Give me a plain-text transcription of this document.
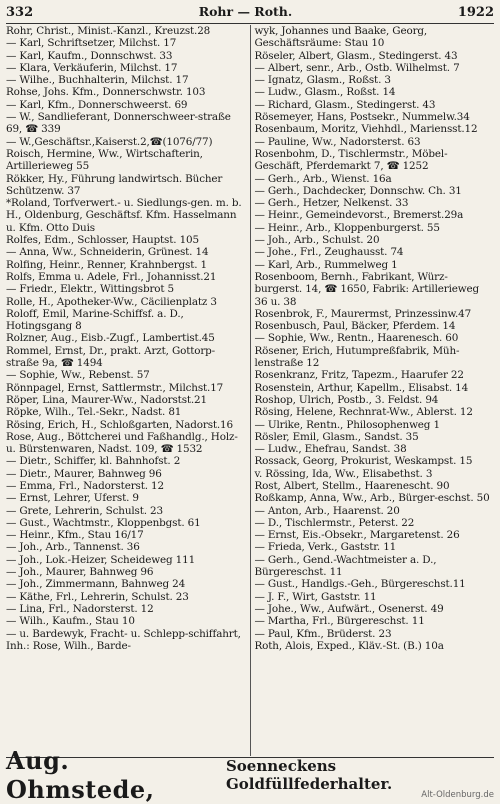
332	Rohr — Roth.	1922
Rohr, Christ., Minist.-Kanzl., Kreuzst.28
— Karl, Schriftsetzer, Milchst. 17
— Karl, Kaufm., Donnschwst. 33
— Klara, Verkäuferin, Milchst. 17
— Wilhe., Buchhalterin, Milchst. 17
Rohse, Johs. Kfm., Donnerschwstr. 103
— Karl, Kfm., Donnerschweerst. 69
— W., Sandlieferant, Donnerschweer-straße 69, ☎ 339
— W.,Geschäftsr.,Kaiserst.2,☎(1076/77)
Roisch, Hermine, Ww., Wirtschafterin, Artillerieweg 55
Rökker, Hy., Führung landwirtsch. Bücher Schützenw. 37
*Roland, Torfverwert.- u. Siedlungs-gen. m. b. H., Oldenburg, Geschäftsf. Kfm. Hasselmann u. Kfm. Otto Duis
Rolfes, Edm., Schlosser, Hauptst. 105
— Anna, Ww., Schneiderin, Grünest. 14
Rolfing, Heinr., Renner, Krahnbergst. 1
Rolfs, Emma u. Adele, Frl., Johannisst.21
— Friedr., Elektr., Wittingsbrot 5
Rolle, H., Apotheker-Ww., Cäcilienplatz 3
Roloff, Emil, Marine-Schiffsf. a. D., Hotingsgang 8
Rolzner, Aug., Eisb.-Zugf., Lambertist.45
Rommel, Ernst, Dr., prakt. Arzt, Gottorp-straße 9a, ☎ 1494
— Sophie, Ww., Rebenst. 57
Rönnpagel, Ernst, Sattlermstr., Milchst.17
Röper, Lina, Maurer-Ww., Nadorstst.21
Röpke, Wilh., Tel.-Sekr., Nadst. 81
Rösing, Erich, H., Schloßgarten, Nadorst.16
Rose, Aug., Böttcherei und Faßhandlg., Holz- u. Bürstenwaren, Nadst. 109, ☎ 1532
— Dietr., Schiffer, kl. Bahnhofst. 2
— Dietr., Maurer, Bahnweg 96
— Emma, Frl., Nadorsterst. 12
— Ernst, Lehrer, Uferst. 9
— Grete, Lehrerin, Schulst. 23
— Gust., Wachtmstr., Kloppenbgst. 61
— Heinr., Kfm., Stau 16/17
— Joh., Arb., Tannenst. 36
— Joh., Lok.-Heizer, Scheideweg 111
— Joh., Maurer, Bahnweg 96
— Joh., Zimmermann, Bahnweg 24
— Käthe, Frl., Lehrerin, Schulst. 23
— Lina, Frl., Nadorsterst. 12
— Wilh., Kaufm., Stau 10
— u. Bardewyk, Fracht- u. Schlepp-schiffahrt, Inh.: Rose, Wilh., Barde-
wyk, Johannes und Baake, Georg, Geschäftsräume: Stau 10
Röseler, Albert, Glasm., Stedingerst. 43
— Albert, senr., Arb., Ostb. Wilhelmst. 7
— Ignatz, Glasm., Roßst. 3
— Ludw., Glasm., Roßst. 14
— Richard, Glasm., Stedingerst. 43
Rösemeyer, Hans, Postsekr., Nummelw.34
Rosenbaum, Moritz, Viehhdl., Mariensst.12
— Pauline, Ww., Nadorsterst. 63
Rosenbohm, D., Tischlermstr., Möbel-Geschäft, Pferdemarkt 7, ☎ 1252
— Gerh., Arb., Wienst. 16a
— Gerh., Dachdecker, Donnschw. Ch. 31
— Gerh., Hetzer, Nelkenst. 33
— Heinr., Gemeindevorst., Bremerst.29a
— Heinr., Arb., Kloppenburgerst. 55
— Joh., Arb., Schulst. 20
— Johe., Frl., Zeughausst. 74
— Karl, Arb., Rummelweg 1
Rosenboom, Bernh., Fabrikant, Würz-burgerst. 14, ☎ 1650, Fabrik: Artillerieweg 36 u. 38
Rosenbrok, F., Maurermst, Prinzessinw.47
Rosenbusch, Paul, Bäcker, Pferdem. 14
— Sophie, Ww., Rentn., Haarenesch. 60
Rösener, Erich, Hutumpreßfabrik, Müh-lenstraße 12
Rosenkranz, Fritz, Tapezm., Haarufer 22
Rosenstein, Arthur, Kapellm., Elisabst. 14
Roshop, Ulrich, Postb., 3. Feldst. 94
Rösing, Helene, Rechnrat-Ww., Ablerst. 12
— Ulrike, Rentn., Philosophenweg 1
Rösler, Emil, Glasm., Sandst. 35
— Ludw., Ehefrau, Sandst. 38
Rossack, Georg, Prokurist, Weskampst. 15
v. Rössing, Ida, Ww., Elisabethst. 3
Rost, Albert, Stellm., Haarenescht. 90
Roßkamp, Anna, Ww., Arb., Bürger-eschst. 50
— Anton, Arb., Haarenst. 20
— D., Tischlermstr., Peterst. 22
— Ernst, Eis.-Obsekr., Margaretenst. 26
— Frieda, Verk., Gaststr. 11
— Gerh., Gend.-Wachtmeister a. D., Bürgereschst. 11
— Gust., Handlgs.-Geh., Bürgereschst.11
— J. F., Wirt, Gaststr. 11
— Johe., Ww., Aufwärt., Osenerst. 49
— Martha, Frl., Bürgereschst. 11
— Paul, Kfm., Brüderst. 23
Roth, Alois, Exped., Kläv.-St. (B.) 10a
Aug. Ohmstede,
Soenneckens Goldfüllfederhalter.
Alt-Oldenburg.de
